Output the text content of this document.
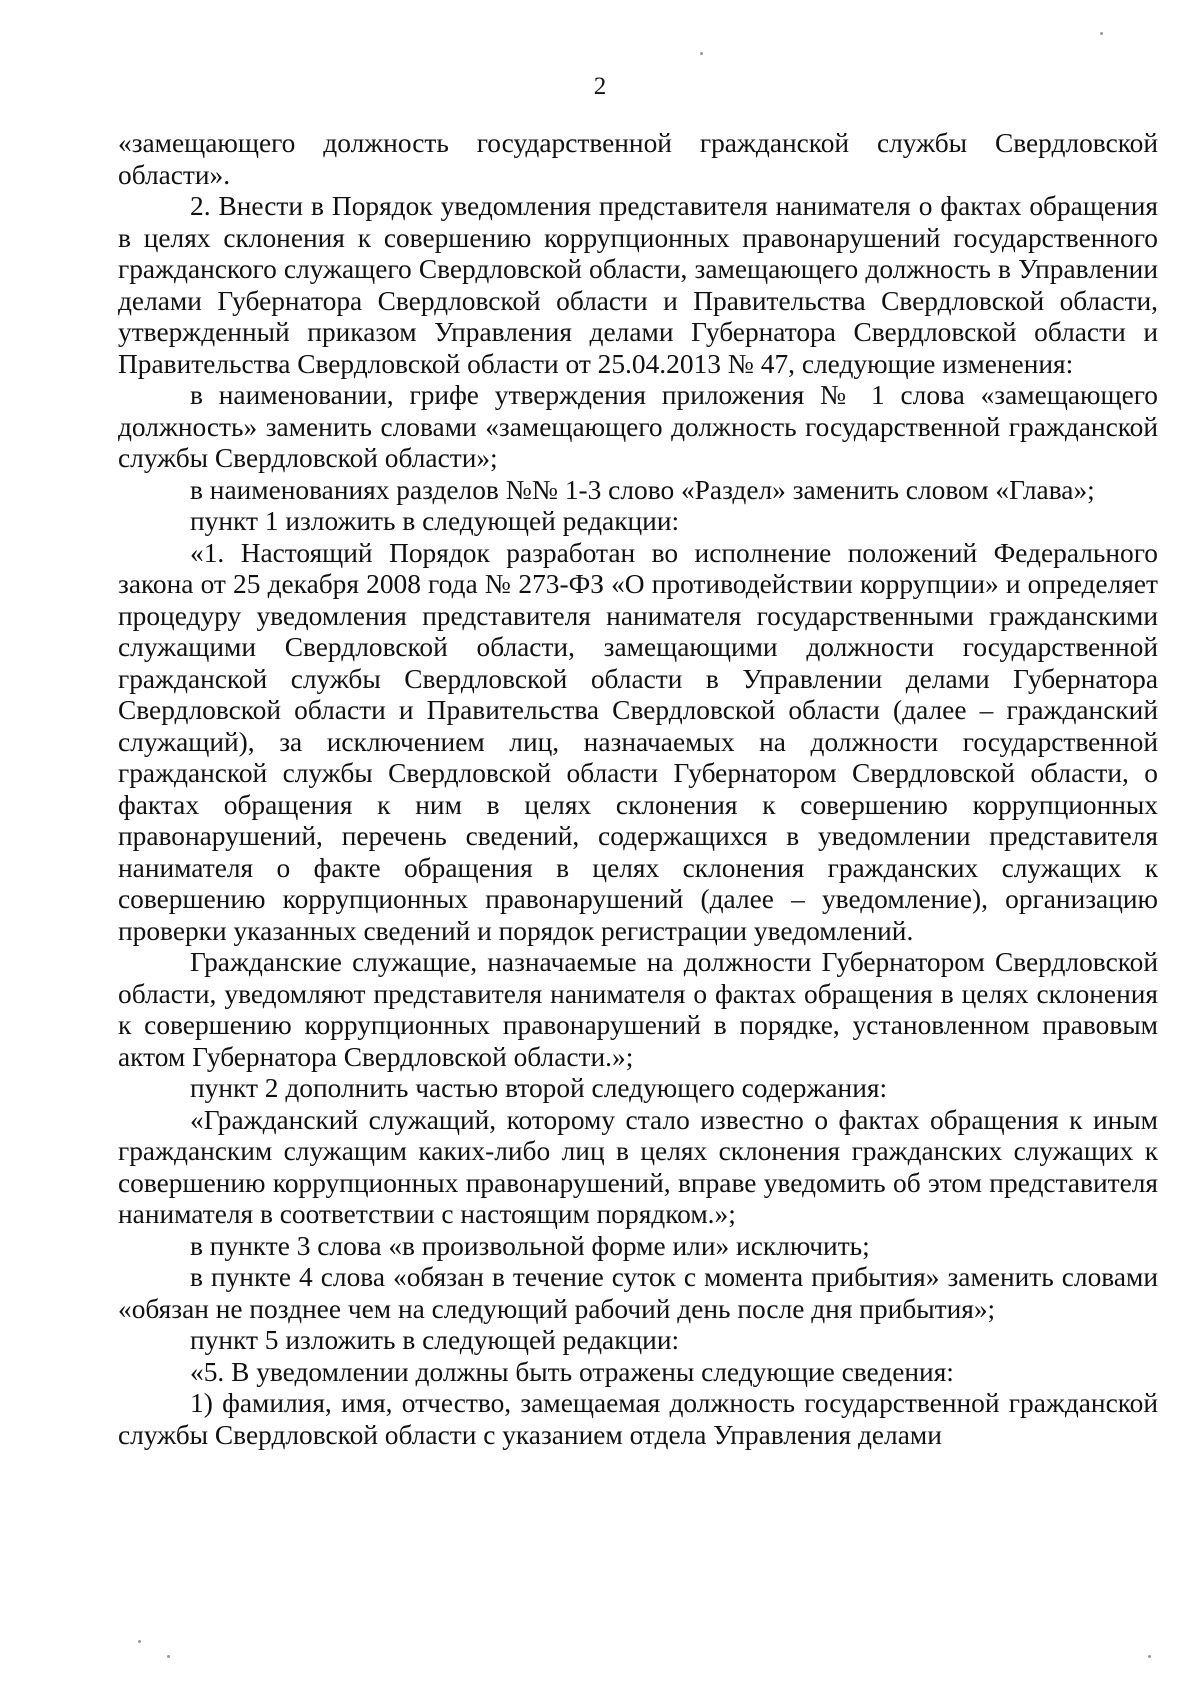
2

«замещающего должность государственной гражданской службы Свердловской области».

2. Внести в Порядок уведомления представителя нанимателя о фактах обращения в целях склонения к совершению коррупционных правонарушений государственного гражданского служащего Свердловской области, замещающего должность в Управлении делами Губернатора Свердловской области и Правительства Свердловской области, утвержденный приказом Управления делами Губернатора Свердловской области и Правительства Свердловской области от 25.04.2013 № 47, следующие изменения:

в наименовании, грифе утверждения приложения № 1 слова «замещающего должность» заменить словами «замещающего должность государственной гражданской службы Свердловской области»;

в наименованиях разделов №№ 1-3 слово «Раздел» заменить словом «Глава»;

пункт 1 изложить в следующей редакции:

«1. Настоящий Порядок разработан во исполнение положений Федерального закона от 25 декабря 2008 года № 273-ФЗ «О противодействии коррупции» и определяет процедуру уведомления представителя нанимателя государственными гражданскими служащими Свердловской области, замещающими должности государственной гражданской службы Свердловской области в Управлении делами Губернатора Свердловской области и Правительства Свердловской области (далее – гражданский служащий), за исключением лиц, назначаемых на должности государственной гражданской службы Свердловской области Губернатором Свердловской области, о фактах обращения к ним в целях склонения к совершению коррупционных правонарушений, перечень сведений, содержащихся в уведомлении представителя нанимателя о факте обращения в целях склонения гражданских служащих к совершению коррупционных правонарушений (далее – уведомление), организацию проверки указанных сведений и порядок регистрации уведомлений.

Гражданские служащие, назначаемые на должности Губернатором Свердловской области, уведомляют представителя нанимателя о фактах обращения в целях склонения к совершению коррупционных правонарушений в порядке, установленном правовым актом Губернатора Свердловской области.»;

пункт 2 дополнить частью второй следующего содержания:

«Гражданский служащий, которому стало известно о фактах обращения к иным гражданским служащим каких-либо лиц в целях склонения гражданских служащих к совершению коррупционных правонарушений, вправе уведомить об этом представителя нанимателя в соответствии с настоящим порядком.»;

в пункте 3 слова «в произвольной форме или» исключить;

в пункте 4 слова «обязан в течение суток с момента прибытия» заменить словами «обязан не позднее чем на следующий рабочий день после дня прибытия»;

пункт 5 изложить в следующей редакции:

«5. В уведомлении должны быть отражены следующие сведения:

1) фамилия, имя, отчество, замещаемая должность государственной гражданской службы Свердловской области с указанием отдела Управления делами
